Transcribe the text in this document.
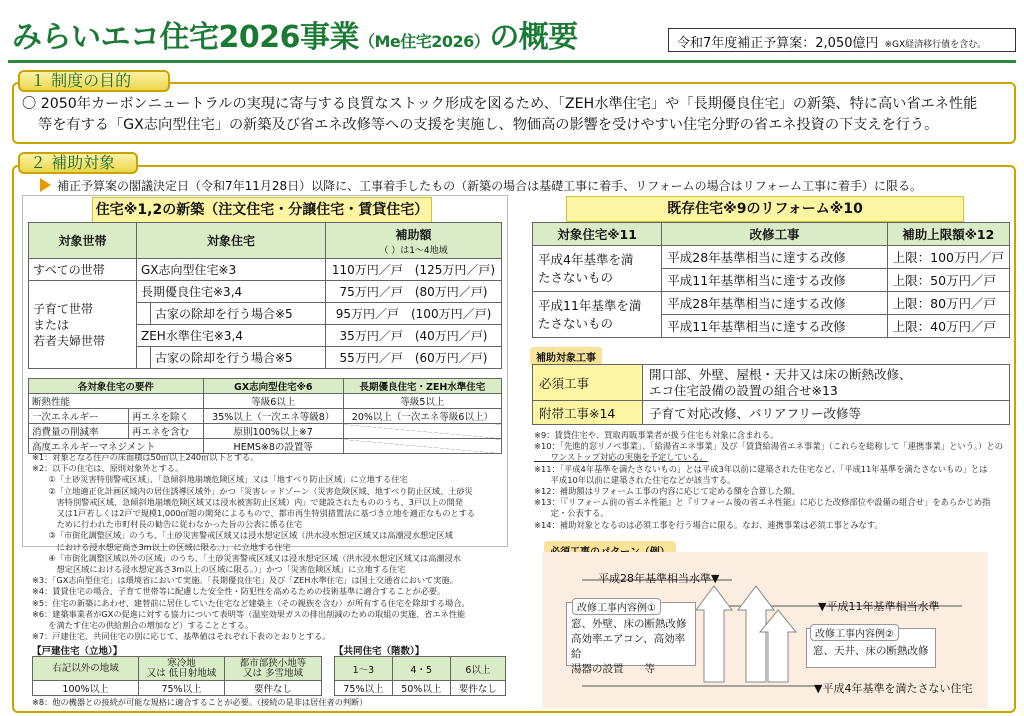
みらいエコ住宅2026事業（Me住宅2026）の概要	令和7年度補正予算案：2,050億円 ※GX経済移行債を含む。
１ 制度の目的

〇 2050年カーボンニュートラルの実現に寄与する良質なストック形成を図るため、「ZEH水準住宅」や「長期優良住宅」の新築、特に高い省エネ性能

等を有する「GX志向型住宅」の新築及び省エネ改修等への支援を実施し、物価高の影響を受けやすい住宅分野の省エネ投資の下支えを行う。

２ 補助対象
補正予算案の閣議決定日（令和7年11月28日）以降に、工事着手したもの（新築の場合は基礎工事に着手、リフォームの場合はリフォーム工事に着手）に限る。
住宅※1,2の新築（注文住宅・分譲住宅・賃貸住宅）
対象世帯	対象住宅		補助額
（ ）は1～4地域

すべての世帯	GX志向型住宅※3		110万円／戸　(125万円／戸)
子育て世帯
または
若者夫婦世帯	長期優良住宅※3,4		75万円／戸　(80万円／戸)
		古家の除却を行う場合※5	95万円／戸　(100万円／戸)
	ZEH水準住宅※3,4		35万円／戸　(40万円／戸)
		古家の除却を行う場合※5	55万円／戸　(60万円／戸)
各対象住宅の要件		GX志向型住宅※6	長期優良住宅・ZEH水準住宅
断熱性能		等級6以上	等級5以上
一次エネルギー	再エネを除く	35%以上（一次エネ等級8）	20%以上（一次エネ等級6以上）
消費量の削減率	再エネを含む	原則100%以上※7	
高度エネルギーマネジメント		HEMS※8の設置等	
※1：対象となる住戸の床面積は50㎡以上240㎡以下とする。
※2：以下の住宅は、原則対象外とする。
　　①「土砂災害特別警戒区域」、「急傾斜地崩壊危険区域」又は「地すべり防止区域」に立地する住宅
　　②「立地適正化計画区域内の居住誘導区域外」かつ「災害レッドゾーン（災害危険区域、地すべり防止区域、土砂災
　　　害特別警戒区域、急傾斜地崩壊危険区域又は浸水被害防止区域）内」で建設されたもののうち、3戸以上の開発
　　　又は1戸若しくは2戸で規模1,000㎡超の開発によるもので、都市再生特別措置法に基づき立地を適正なものとする
　　　ために行われた市町村長の勧告に従わなかった旨の公表に係る住宅
　　③「市街化調整区域」のうち、「土砂災害警戒区域又は浸水想定区域（洪水浸水想定区域又は高潮浸水想定区域
　　　における浸水想定高さ3m以上の区域に限る。）」に立地する住宅
　　④「市街化調整区域以外の区域」のうち、「土砂災害警戒区域又は浸水想定区域（洪水浸水想定区域又は高潮浸水
　　　想定区域における浸水想定高さ3m以上の区域に限る。）」かつ「災害危険区域」に立地する住宅
※3：「GX志向型住宅」は環境省において実施。「長期優良住宅」及び「ZEH水準住宅」は国土交通省において実施。
※4：賃貸住宅の場合、子育て世帯等に配慮した安全性・防犯性を高めるための技術基準に適合することが必要。
※5：住宅の新築にあわせ、建替前に居住していた住宅など建築主（その親族を含む）が所有する住宅を除却する場合。
※6：建築事業者がGXの促進に対する協力について表明等（温室効果ガスの排出削減のための取組の実施、省エネ性能
　　を満たす住宅の供給割合の増加など）することとする。
※7：戸建住宅、共同住宅の別に応じて、基準値はそれぞれ下表のとおりとする。
【戸建住宅（立地）】
右記以外の地域	寒冷地
又は 低日射地域	都市部狭小地等
又は 多雪地域
100%以上	75%以上	要件なし
【共同住宅（階数）】
1～3	4・5	6以上
75%以上	50%以上	要件なし
※8：他の機器との接続が可能な規格に適合することが必要。（接続の是非は居住者の判断）
既存住宅※9のリフォーム※10
対象住宅※11	改修工事	補助上限額※12
平成4年基準を満
たさないもの	平成28年基準相当に達する改修	上限：100万円／戸
	平成11年基準相当に達する改修	上限：50万円／戸
平成11年基準を満
たさないもの	平成28年基準相当に達する改修	上限：80万円／戸
	平成11年基準相当に達する改修	上限：40万円／戸
補助対象工事
必須工事	開口部、外壁、屋根・天井又は床の断熱改修、
エコ住宅設備の設置の組合せ※13
附帯工事※14	子育て対応改修、バリアフリー改修等
※9：賃貸住宅や、買取再販事業者が扱う住宅も対象に含まれる。
※10：「先進的窓リノベ事業」、「給湯省エネ事業」及び「賃貸給湯省エネ事業」（これらを総称して「連携事業」という。）との
　　ワンストップ対応の実施を予定している。
※11：「平成4年基準を満たさないもの」とは平成3年以前に建築された住宅など、「平成11年基準を満たさないもの」とは
　　平成10年以前に建築された住宅などが該当する。
※12：補助額はリフォーム工事の内容に応じて定める額を合算した額。
※13：「『リフォーム前の省エネ性能』と『リフォーム後の省エネ性能』に応じた改修部位や設備の組合せ」をあらかじめ指
　　定・公表する。
※14：補助対象となるのは必須工事を行う場合に限る。なお、連携事業は必須工事とみなす。
平成28年基準相当水準▼
▼平成11年基準相当水準
▼平成4年基準を満たさない住宅
窓、外壁、床の断熱改修
高効率エアコン、高効率給
湯器の設置　　等
改修工事内容例①
窓、天井、床の断熱改修
改修工事内容例②
